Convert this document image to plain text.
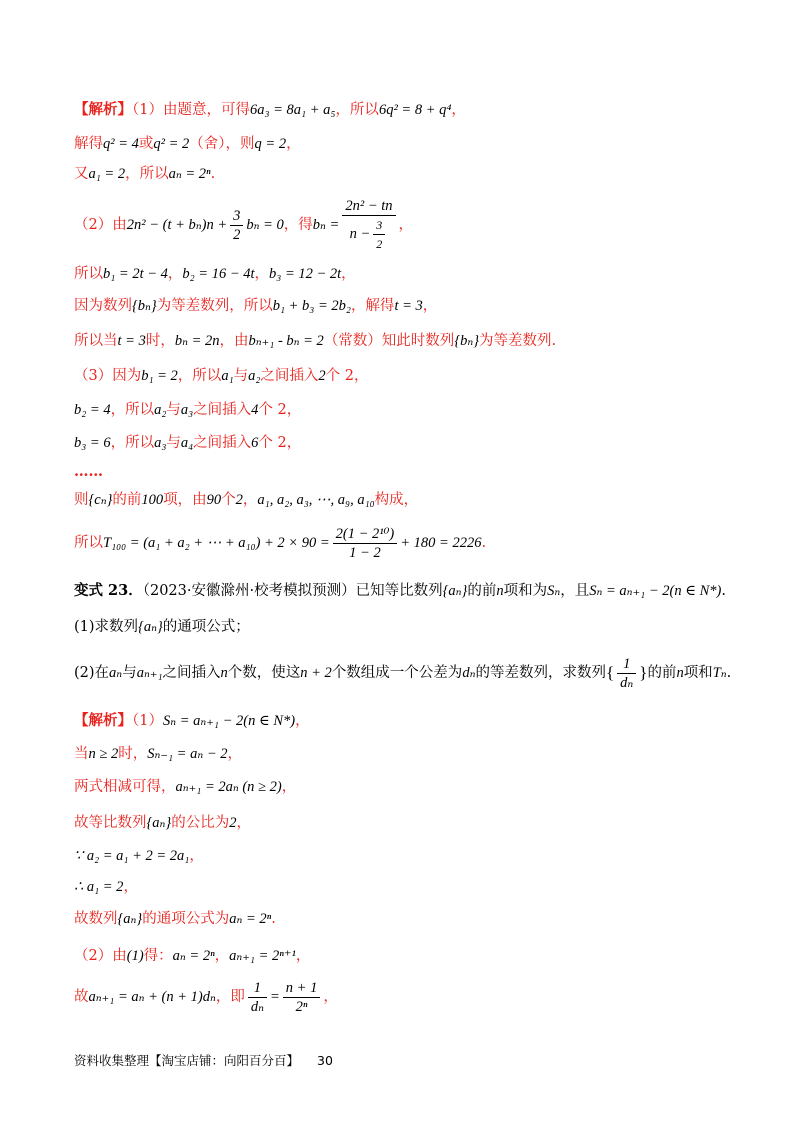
【解析】（1）由题意，可得6a₃ = 8a₁ + a₅，所以6q² = 8 + q⁴，
解得q² = 4或q² = 2（舍），则q = 2，
又a₁ = 2，所以aₙ = 2ⁿ.
（2）由 $2n^2 - (t + b_n)n + \frac{3}{2}$ bₙ = 0 ，得 $b_n = \frac{\text{2n² − tn}}{n - \frac{3}{2}}$ ，
所以b₁ = 2t − 4，b₂ = 16 − 4t，b₃ = 12 − 2t，
因为数列{bₙ}为等差数列，所以b₁ + b₃ = 2b₂，解得t = 3，
所以当t = 3时，bₙ = 2n，由bₙ₊₁ - bₙ = 2（常数）知此时数列{bₙ}为等差数列.
（3）因为b₁ = 2，所以a₁与a₂之间插入2个 2，
b₂ = 4，所以a₂与a₃之间插入4个 2，
b₃ = 6，所以a₃与a₄之间插入6个 2，
……
则{cₙ}的前100项，由90个2，a₁, a₂, a₃, ⋯, a₉, a₁₀构成，
所以 T₁₀₀ = (a₁ + a₂ + ⋯ + $a_{10}) + 2 \times 90 = \frac{\text{2(1 − 2¹⁰)}}{1 - 2} + 180 = 2226$ .
变式 23．（2023·安徽滁州·校考模拟预测）已知等比数列{aₙ}的前n项和为Sₙ，且Sₙ = aₙ₊₁ − 2(n ∈ N*).
(1)求数列{aₙ}的通项公式；
(2)在 aₙ 与 aₙ₊₁ 之间插入 n 个数，使这 n + 2 个数组成一个公差为 dₙ 的等差数列，求数列 { $\frac{1}{\text{dₙ}}$ } 的前 n 项和 Tₙ .
【解析】（1）Sₙ = aₙ₊₁ − 2(n ∈ N*)，
当n ≥ 2时，Sₙ₋₁ = aₙ − 2，
两式相减可得，aₙ₊₁ = 2aₙ (n ≥ 2)，
故等比数列{aₙ}的公比为2，
∵ a₂ = a₁ + 2 = 2a₁，
∴ a₁ = 2，
故数列{aₙ}的通项公式为aₙ = 2ⁿ.
（2）由(1)得：aₙ = 2ⁿ，aₙ₊₁ = 2ⁿ⁺¹，
故 aₙ₊₁ = aₙ + (n + 1)dₙ ，即 $\frac{1}{\text{dₙ}} = \frac{n + 1}{\text{2ⁿ}}$ ，
资料收集整理【淘宝店铺：向阳百分百】 30
